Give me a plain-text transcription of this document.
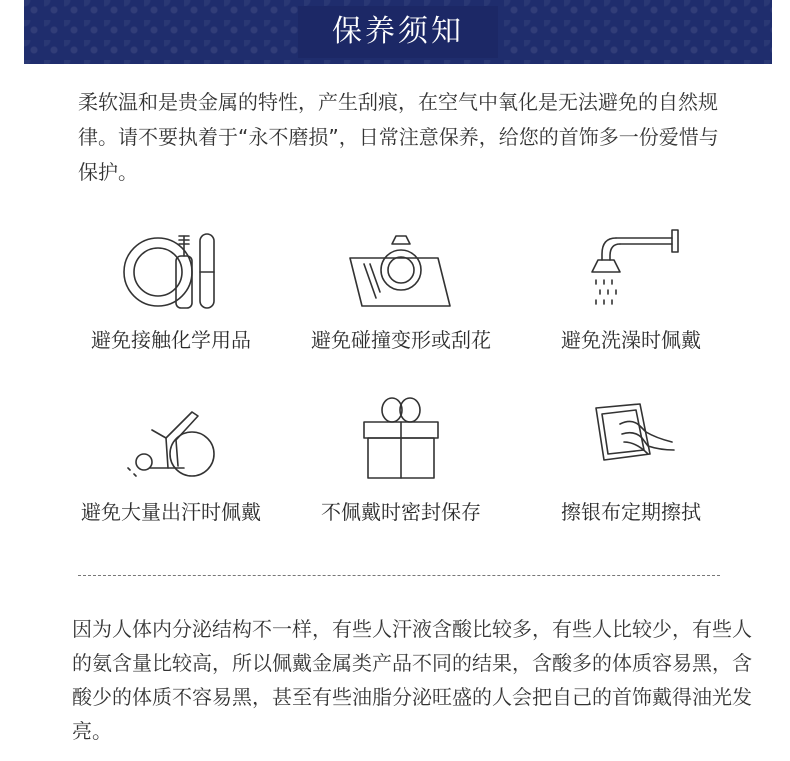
保养须知

柔软温和是贵金属的特性，产生刮痕，在空气中氧化是无法避免的自然规律。请不要执着于“永不磨损”，日常注意保养，给您的首饰多一份爱惜与保护。

避免接触化学用品	避免碰撞变形或刮花	避免洗澡时佩戴
避免大量出汗时佩戴	不佩戴时密封保存	擦银布定期擦拭

因为人体内分泌结构不一样，有些人汗液含酸比较多，有些人比较少，有些人的氨含量比较高，所以佩戴金属类产品不同的结果，含酸多的体质容易黑，含酸少的体质不容易黑，甚至有些油脂分泌旺盛的人会把自己的首饰戴得油光发亮。
